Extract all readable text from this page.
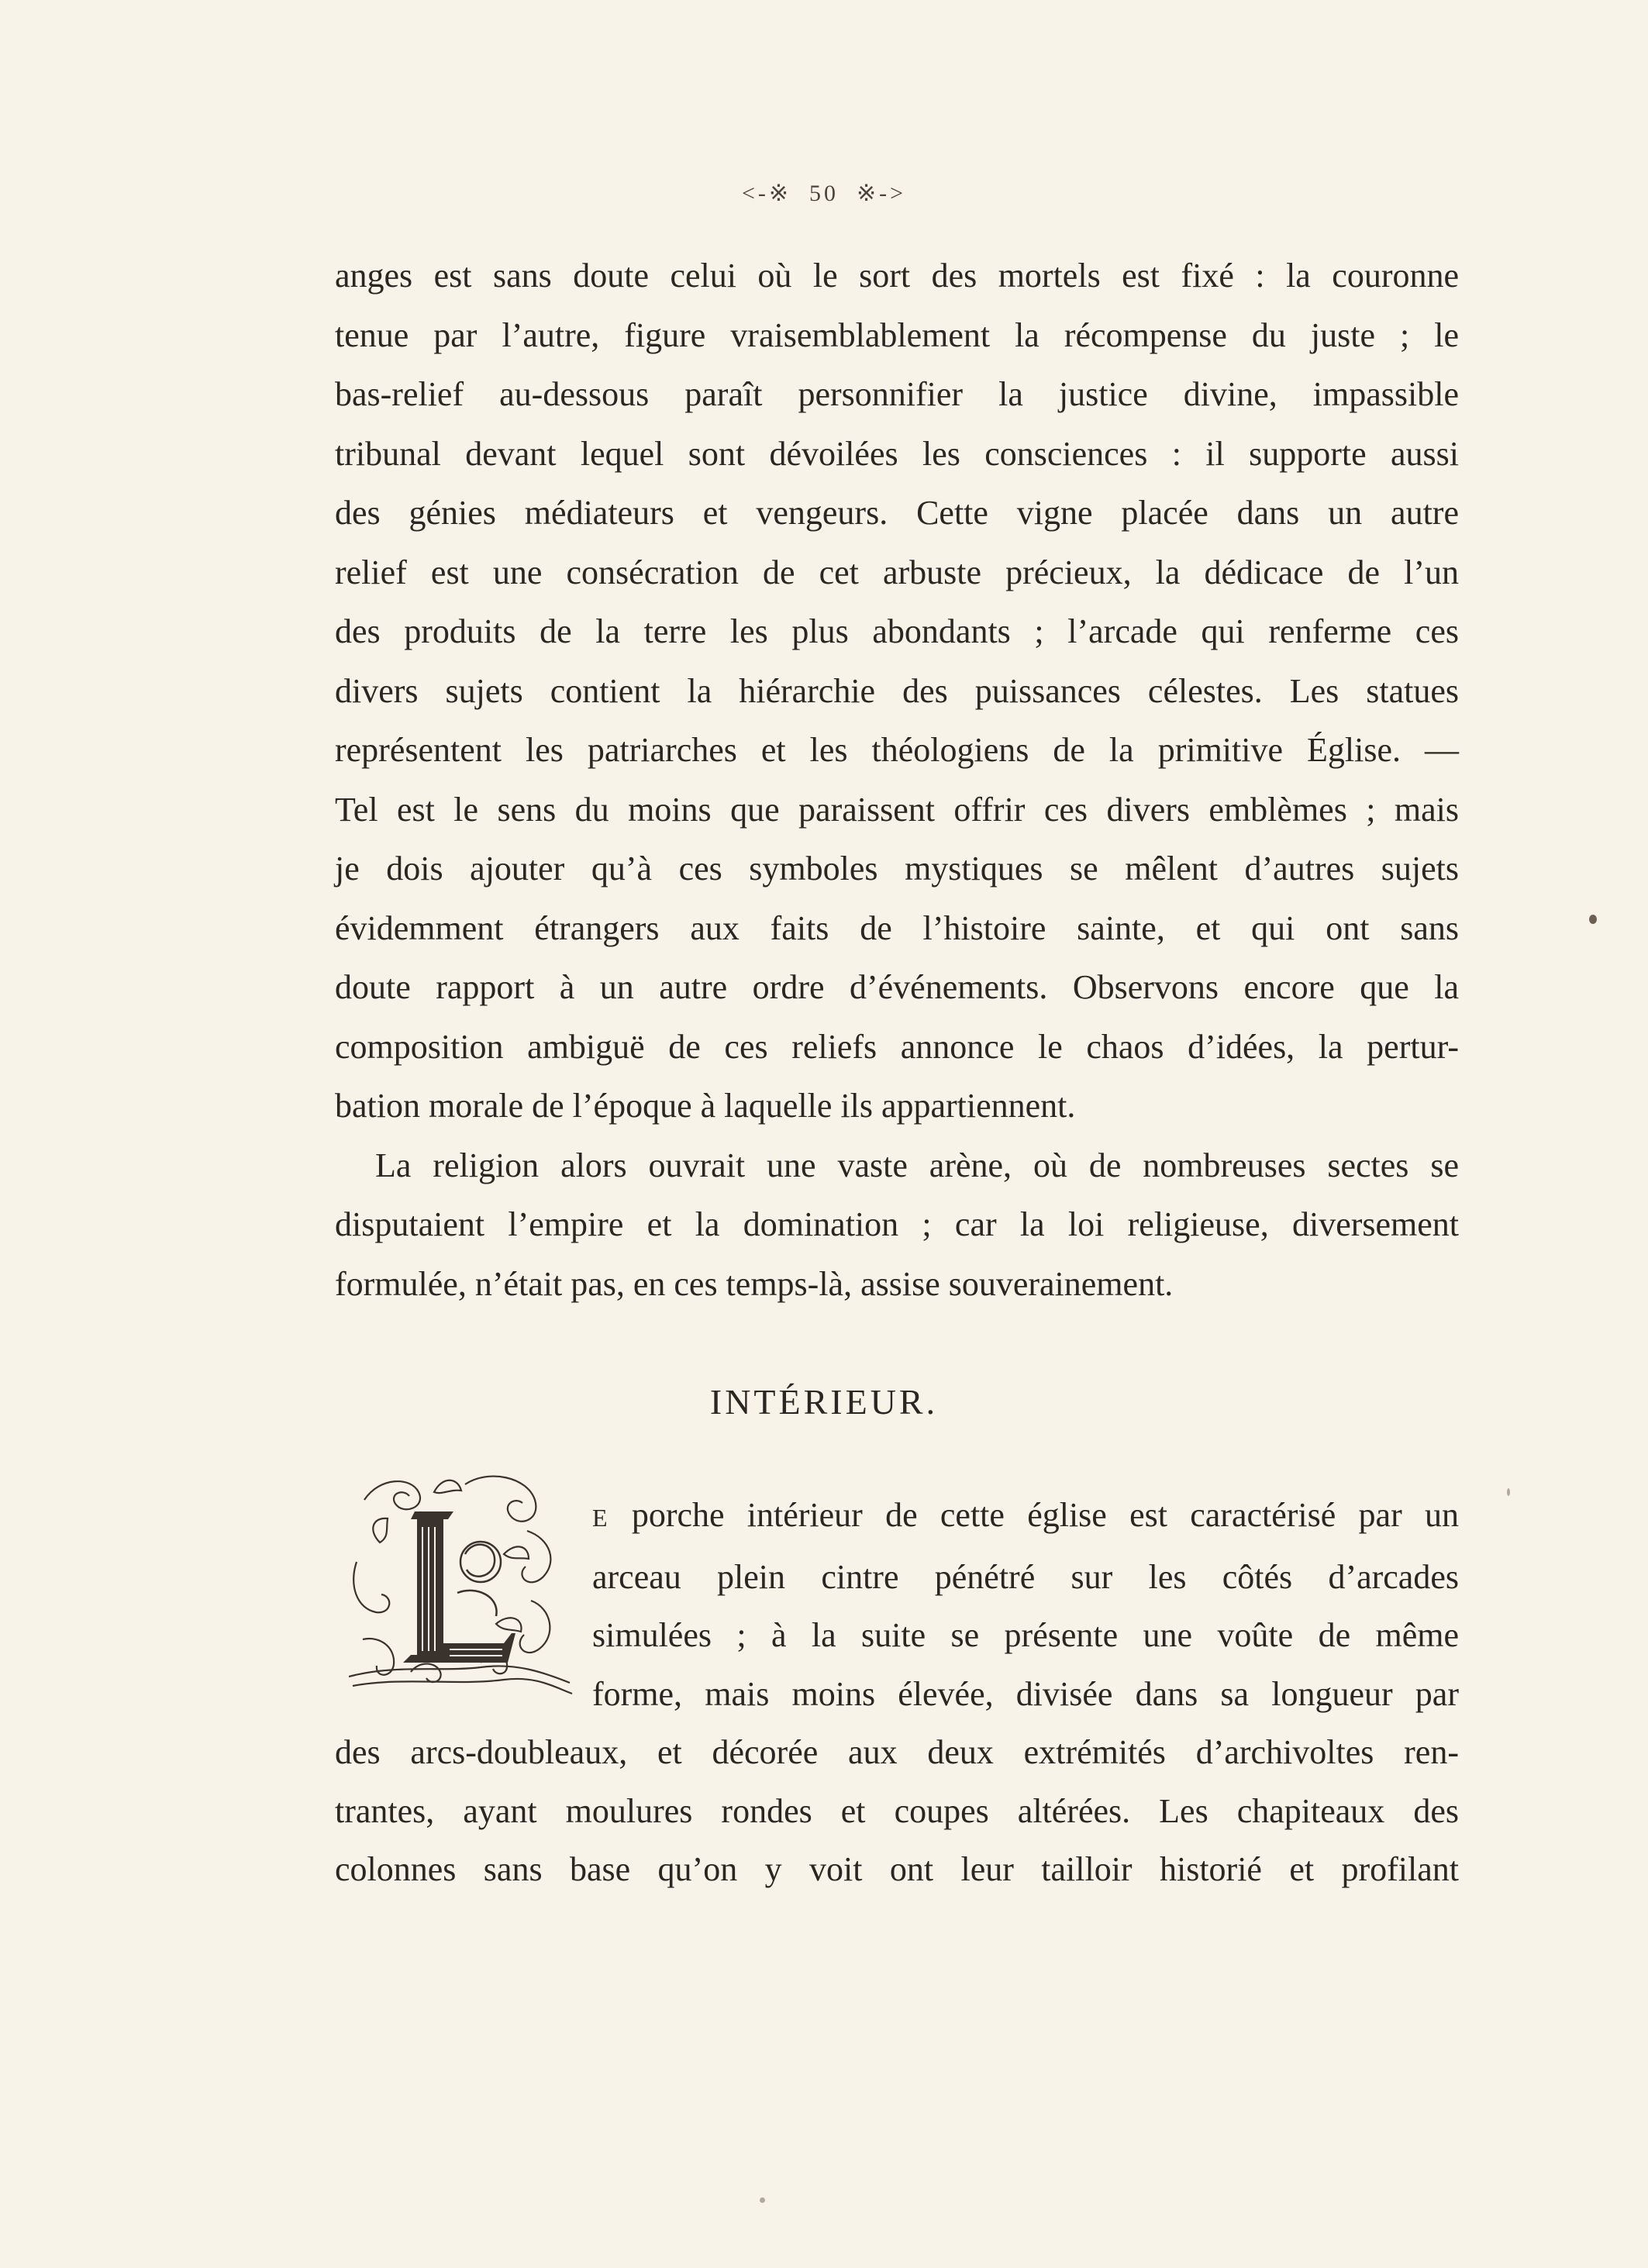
<-※ 50 ※->
anges est sans doute celui où le sort des mortels est fixé : la couronne
tenue par l’autre, figure vraisemblablement la récompense du juste ; le
bas-relief au-dessous paraît personnifier la justice divine, impassible
tribunal devant lequel sont dévoilées les consciences : il supporte aussi
des génies médiateurs et vengeurs. Cette vigne placée dans un autre
relief est une consécration de cet arbuste précieux, la dédicace de l’un
des produits de la terre les plus abondants ; l’arcade qui renferme ces
divers sujets contient la hiérarchie des puissances célestes. Les statues
représentent les patriarches et les théologiens de la primitive Église. —
Tel est le sens du moins que paraissent offrir ces divers emblèmes ; mais
je dois ajouter qu’à ces symboles mystiques se mêlent d’autres sujets
évidemment étrangers aux faits de l’histoire sainte, et qui ont sans
doute rapport à un autre ordre d’événements. Observons encore que la
composition ambiguë de ces reliefs annonce le chaos d’idées, la pertur-
bation morale de l’époque à laquelle ils appartiennent.
La religion alors ouvrait une vaste arène, où de nombreuses sectes se
disputaient l’empire et la domination ; car la loi religieuse, diversement
formulée, n’était pas, en ces temps-là, assise souverainement.
INTÉRIEUR.
E porche intérieur de cette église est caractérisé par un
arceau plein cintre pénétré sur les côtés d’arcades
simulées ; à la suite se présente une voûte de même
forme, mais moins élevée, divisée dans sa longueur par
des arcs-doubleaux, et décorée aux deux extrémités d’archivoltes ren-
trantes, ayant moulures rondes et coupes altérées. Les chapiteaux des
colonnes sans base qu’on y voit ont leur tailloir historié et profilant
